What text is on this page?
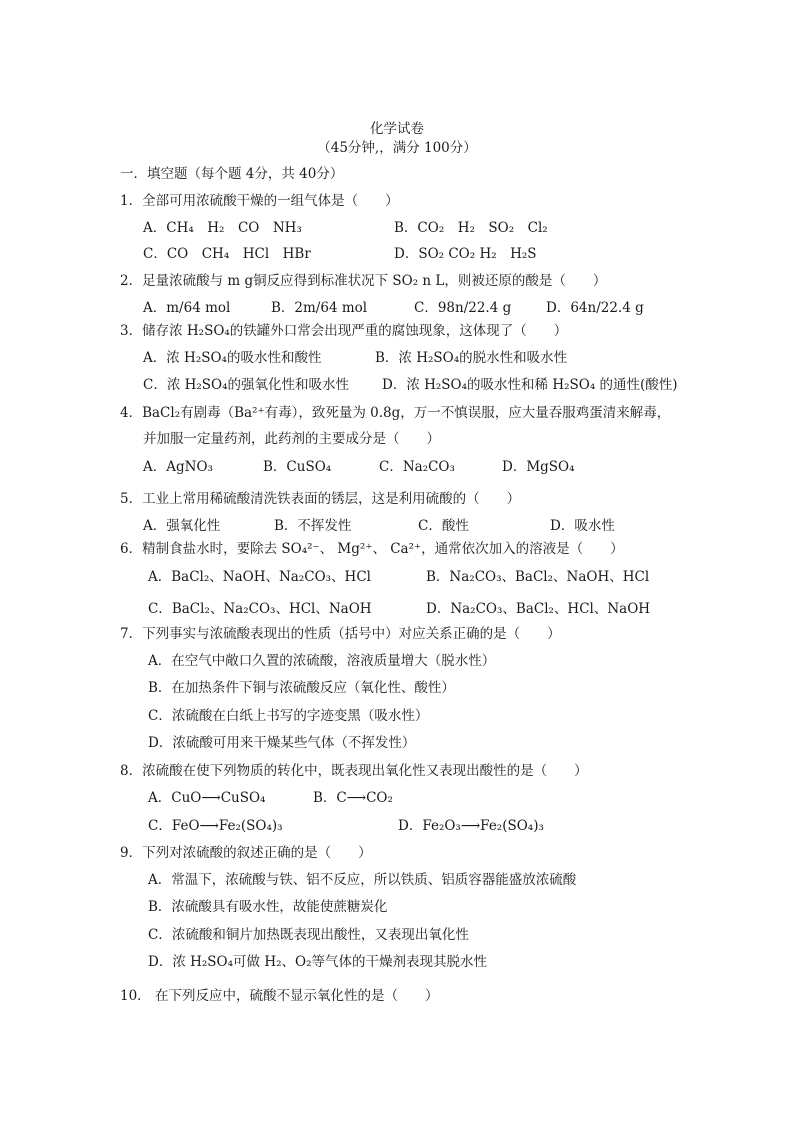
化学试卷
（45分钟,，满分 100分）
一．填空题（每个题 4分，共 40分）
1．全部可用浓硫酸干燥的一组气体是（　　）
A．CH₄　H₂　CO　NH₃	B．CO₂　H₂　SO₂　Cl₂
C．CO　CH₄　HCl　HBr	D．SO₂ CO₂ H₂　H₂S
2．足量浓硫酸与 m g铜反应得到标准状况下 SO₂ n L，则被还原的酸是（　　）
A．m/64 mol	B．2m/64 mol	C．98n/22.4 g	D．64n/22.4 g
3．储存浓 H₂SO₄的铁罐外口常会出现严重的腐蚀现象，这体现了（　　）
A．浓 H₂SO₄的吸水性和酸性	B．浓 H₂SO₄的脱水性和吸水性
C．浓 H₂SO₄的强氧化性和吸水性 D．浓 H₂SO₄的吸水性和稀 H₂SO₄ 的通性(酸性)
4．BaCl₂有剧毒（Ba²⁺有毒），致死量为 0.8g，万一不慎误服，应大量吞服鸡蛋清来解毒，
并加服一定量药剂，此药剂的主要成分是（　　）
A．AgNO₃	B．CuSO₄	C．Na₂CO₃	D．MgSO₄
5．工业上常用稀硫酸清洗铁表面的锈层，这是利用硫酸的（　　）
A．强氧化性	B．不挥发性	C．酸性	D．吸水性
6．精制食盐水时，要除去 SO₄²⁻、 Mg²⁺、 Ca²⁺，通常依次加入的溶液是（　　）
A．BaCl₂、NaOH、Na₂CO₃、HCl	B．Na₂CO₃、BaCl₂、NaOH、HCl
C．BaCl₂、Na₂CO₃、HCl、NaOH	D．Na₂CO₃、BaCl₂、HCl、NaOH
7．下列事实与浓硫酸表现出的性质（括号中）对应关系正确的是（　　）
A．在空气中敞口久置的浓硫酸，溶液质量增大（脱水性）
B．在加热条件下铜与浓硫酸反应（氧化性、酸性）
C．浓硫酸在白纸上书写的字迹变黑（吸水性）
D．浓硫酸可用来干燥某些气体（不挥发性）
8．浓硫酸在使下列物质的转化中，既表现出氧化性又表现出酸性的是（　　）
A．CuO⟶CuSO₄	B．C⟶CO₂
C．FeO⟶Fe₂(SO₄)₃	D．Fe₂O₃⟶Fe₂(SO₄)₃
9．下列对浓硫酸的叙述正确的是（　　）
A．常温下，浓硫酸与铁、铝不反应，所以铁质、铝质容器能盛放浓硫酸
B．浓硫酸具有吸水性，故能使蔗糖炭化
C．浓硫酸和铜片加热既表现出酸性，又表现出氧化性
D．浓 H₂SO₄可做 H₂、O₂等气体的干燥剂表现其脱水性
10． 在下列反应中，硫酸不显示氧化性的是（　　）
